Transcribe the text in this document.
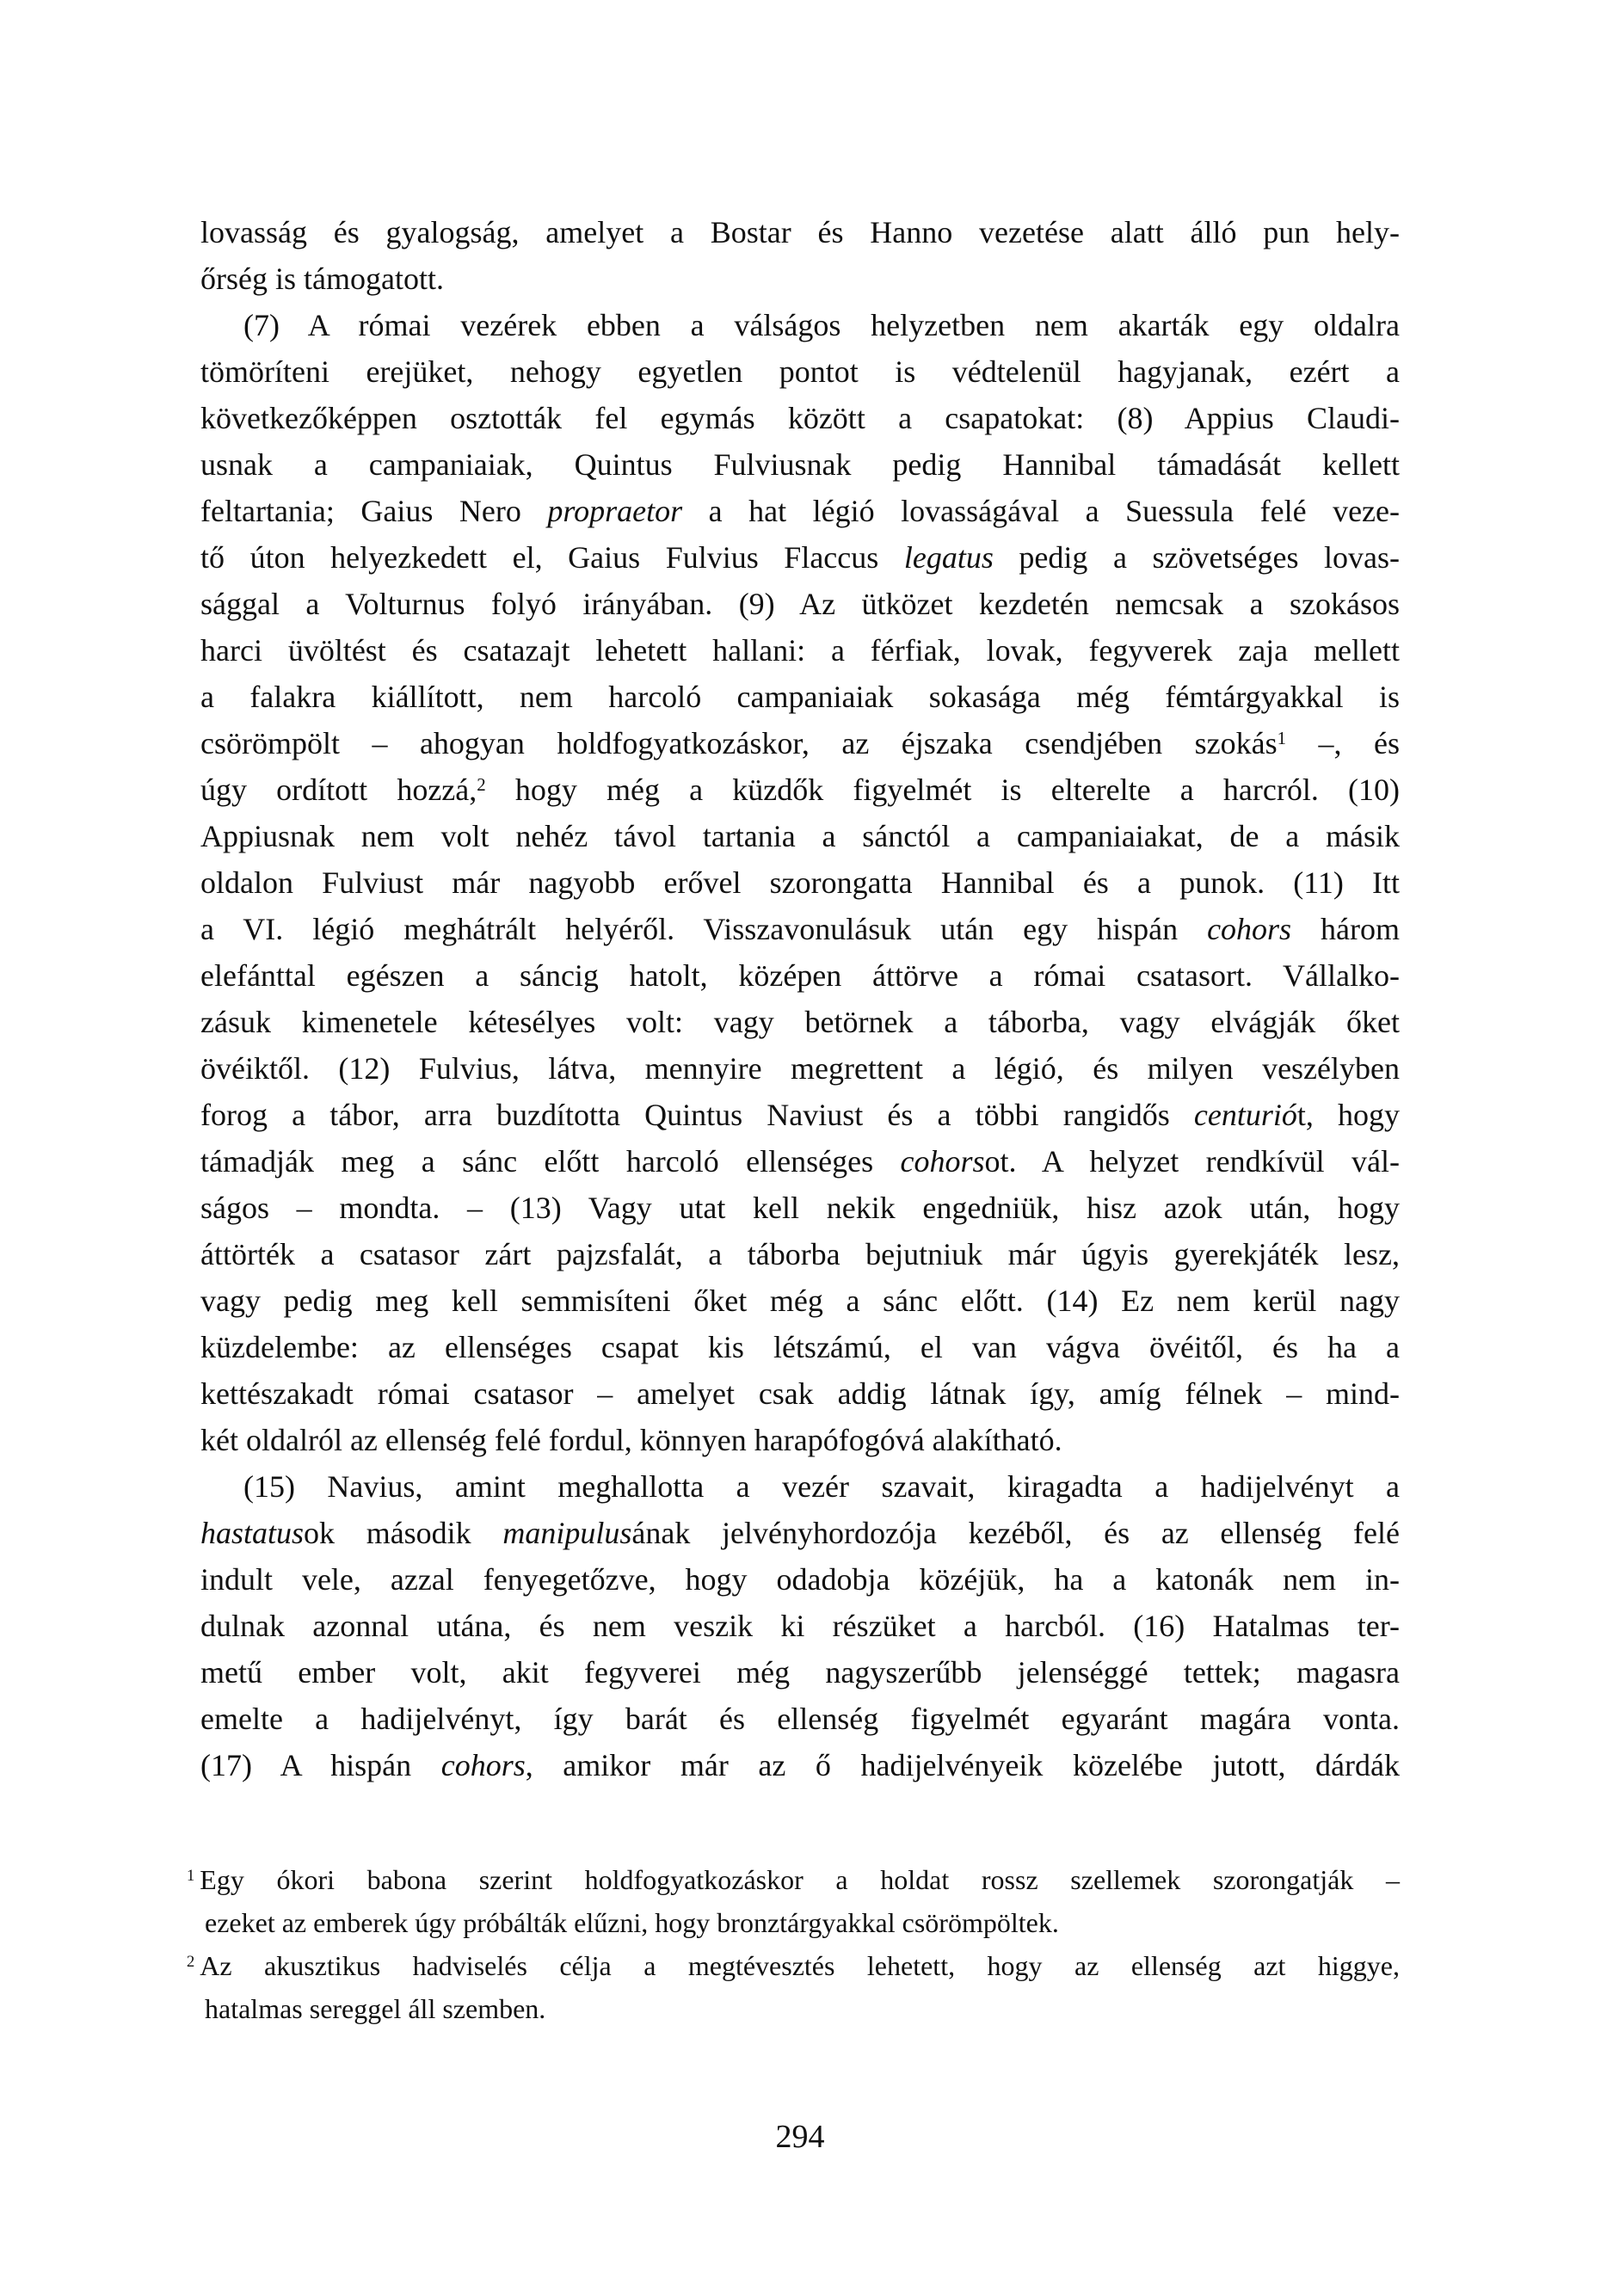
lovasság és gyalogság, amelyet a Bostar és Hanno vezetése alatt álló pun hely-
őrség is támogatott.
(7) A római vezérek ebben a válságos helyzetben nem akarták egy oldalra
tömöríteni erejüket, nehogy egyetlen pontot is védtelenül hagyjanak, ezért a
következőképpen osztották fel egymás között a csapatokat: (8) Appius Claudi-
usnak a campaniaiak, Quintus Fulviusnak pedig Hannibal támadását kellett
feltartania; Gaius Nero propraetor a hat légió lovasságával a Suessula felé veze-
tő úton helyezkedett el, Gaius Fulvius Flaccus legatus pedig a szövetséges lovas-
sággal a Volturnus folyó irányában. (9) Az ütközet kezdetén nemcsak a szokásos
harci üvöltést és csatazajt lehetett hallani: a férfiak, lovak, fegyverek zaja mellett
a falakra kiállított, nem harcoló campaniaiak sokasága még fémtárgyakkal is
csörömpölt – ahogyan holdfogyatkozáskor, az éjszaka csendjében szokás$^1$ –, és
úgy ordított hozzá,$^2$ hogy még a küzdők figyelmét is elterelte a harcról. (10)
Appiusnak nem volt nehéz távol tartania a sánctól a campaniaiakat, de a másik
oldalon Fulviust már nagyobb erővel szorongatta Hannibal és a punok. (11) Itt
a VI. légió meghátrált helyéről. Visszavonulásuk után egy hispán cohors három
elefánttal egészen a sáncig hatolt, középen áttörve a római csatasort. Vállalko-
zásuk kimenetele kétesélyes volt: vagy betörnek a táborba, vagy elvágják őket
övéiktől. (12) Fulvius, látva, mennyire megrettent a légió, és milyen veszélyben
forog a tábor, arra buzdította Quintus Naviust és a többi rangidős centuriót, hogy
támadják meg a sánc előtt harcoló ellenséges cohorsot. A helyzet rendkívül vál-
ságos – mondta. – (13) Vagy utat kell nekik engedniük, hisz azok után, hogy
áttörték a csatasor zárt pajzsfalát, a táborba bejutniuk már úgyis gyerekjáték lesz,
vagy pedig meg kell semmisíteni őket még a sánc előtt. (14) Ez nem kerül nagy
küzdelembe: az ellenséges csapat kis létszámú, el van vágva övéitől, és ha a
kettészakadt római csatasor – amelyet csak addig látnak így, amíg félnek – mind-
két oldalról az ellenség felé fordul, könnyen harapófogóvá alakítható.
(15) Navius, amint meghallotta a vezér szavait, kiragadta a hadijelvényt a
hastatusok második manipulusának jelvényhordozója kezéből, és az ellenség felé
indult vele, azzal fenyegetőzve, hogy odadobja közéjük, ha a katonák nem in-
dulnak azonnal utána, és nem veszik ki részüket a harcból. (16) Hatalmas ter-
metű ember volt, akit fegyverei még nagyszerűbb jelenséggé tettek; magasra
emelte a hadijelvényt, így barát és ellenség figyelmét egyaránt magára vonta.
(17) A hispán cohors, amikor már az ő hadijelvényeik közelébe jutott, dárdák
$^1$ Egy ókori babona szerint holdfogyatkozáskor a holdat rossz szellemek szorongatják –
ezeket az emberek úgy próbálták elűzni, hogy bronztárgyakkal csörömpöltek.
$^2$ Az akusztikus hadviselés célja a megtévesztés lehetett, hogy az ellenség azt higgye,
hatalmas sereggel áll szemben.
294
